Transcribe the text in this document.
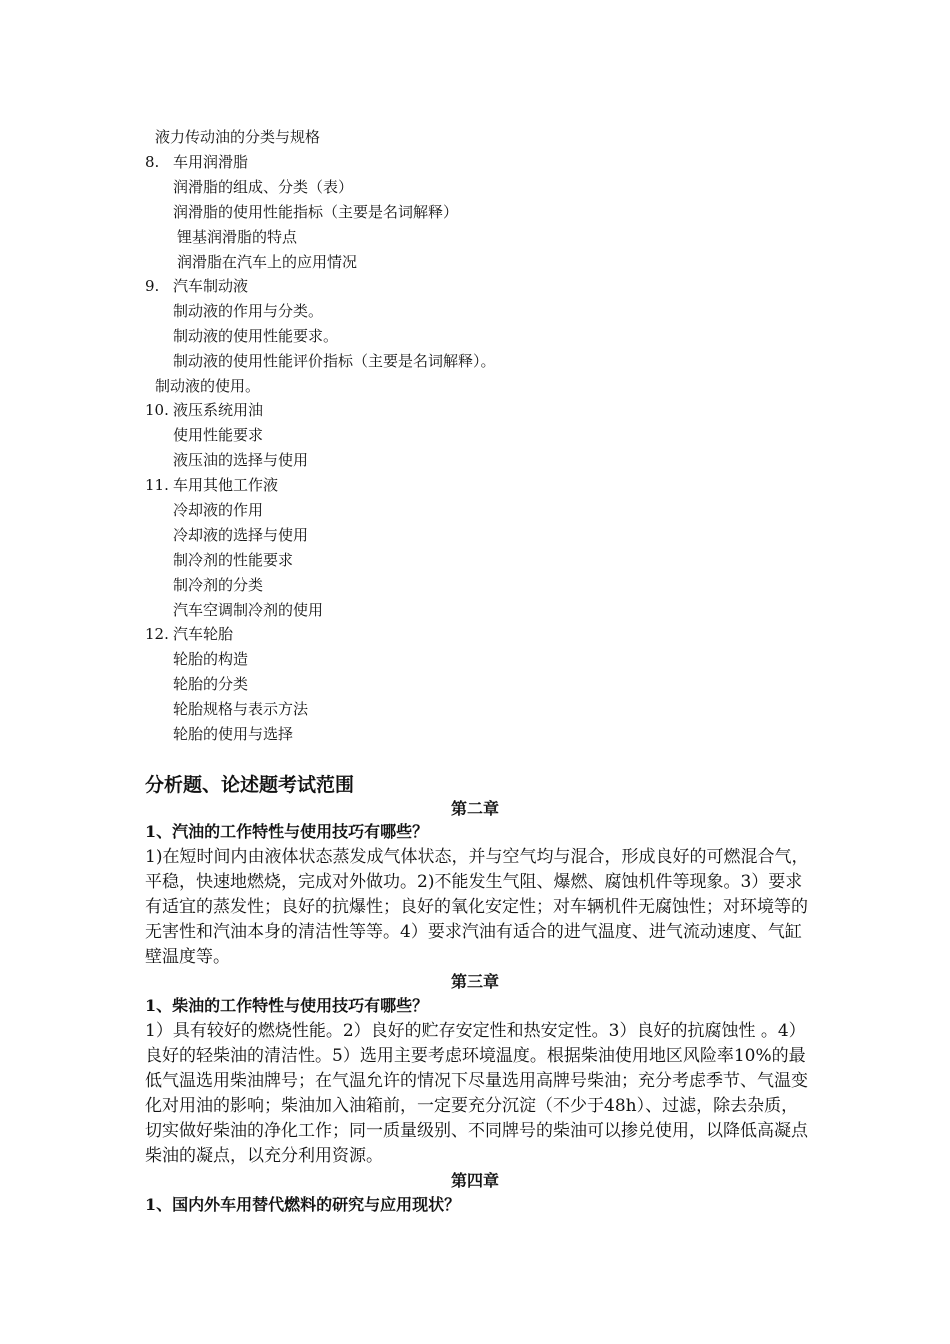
液力传动油的分类与规格
8. 车用润滑脂
润滑脂的组成、分类（表）
润滑脂的使用性能指标（主要是名词解释）
锂基润滑脂的特点
润滑脂在汽车上的应用情况
9. 汽车制动液
制动液的作用与分类。
制动液的使用性能要求。
制动液的使用性能评价指标（主要是名词解释）。
制动液的使用。
10. 液压系统用油
使用性能要求
液压油的选择与使用
11. 车用其他工作液
冷却液的作用
冷却液的选择与使用
制冷剂的性能要求
制冷剂的分类
汽车空调制冷剂的使用
12. 汽车轮胎
轮胎的构造
轮胎的分类
轮胎规格与表示方法
轮胎的使用与选择
分析题、论述题考试范围
第二章
1、汽油的工作特性与使用技巧有哪些？
1)在短时间内由液体状态蒸发成气体状态，并与空气均与混合，形成良好的可燃混合气，平稳，快速地燃烧，完成对外做功。2)不能发生气阻、爆燃、腐蚀机件等现象。3）要求有适宜的蒸发性；良好的抗爆性；良好的氧化安定性；对车辆机件无腐蚀性；对环境等的无害性和汽油本身的清洁性等等。4）要求汽油有适合的进气温度、进气流动速度、气缸壁温度等。
第三章
1、柴油的工作特性与使用技巧有哪些？
1）具有较好的燃烧性能。2）良好的贮存安定性和热安定性。3）良好的抗腐蚀性 。4）良好的轻柴油的清洁性。5）选用主要考虑环境温度。根据柴油使用地区风险率10%的最低气温选用柴油牌号；在气温允许的情况下尽量选用高牌号柴油；充分考虑季节、气温变化对用油的影响；柴油加入油箱前，一定要充分沉淀（不少于48h）、过滤，除去杂质，切实做好柴油的净化工作；同一质量级别、不同牌号的柴油可以掺兑使用，以降低高凝点柴油的凝点，以充分利用资源。
第四章
1、国内外车用替代燃料的研究与应用现状？
